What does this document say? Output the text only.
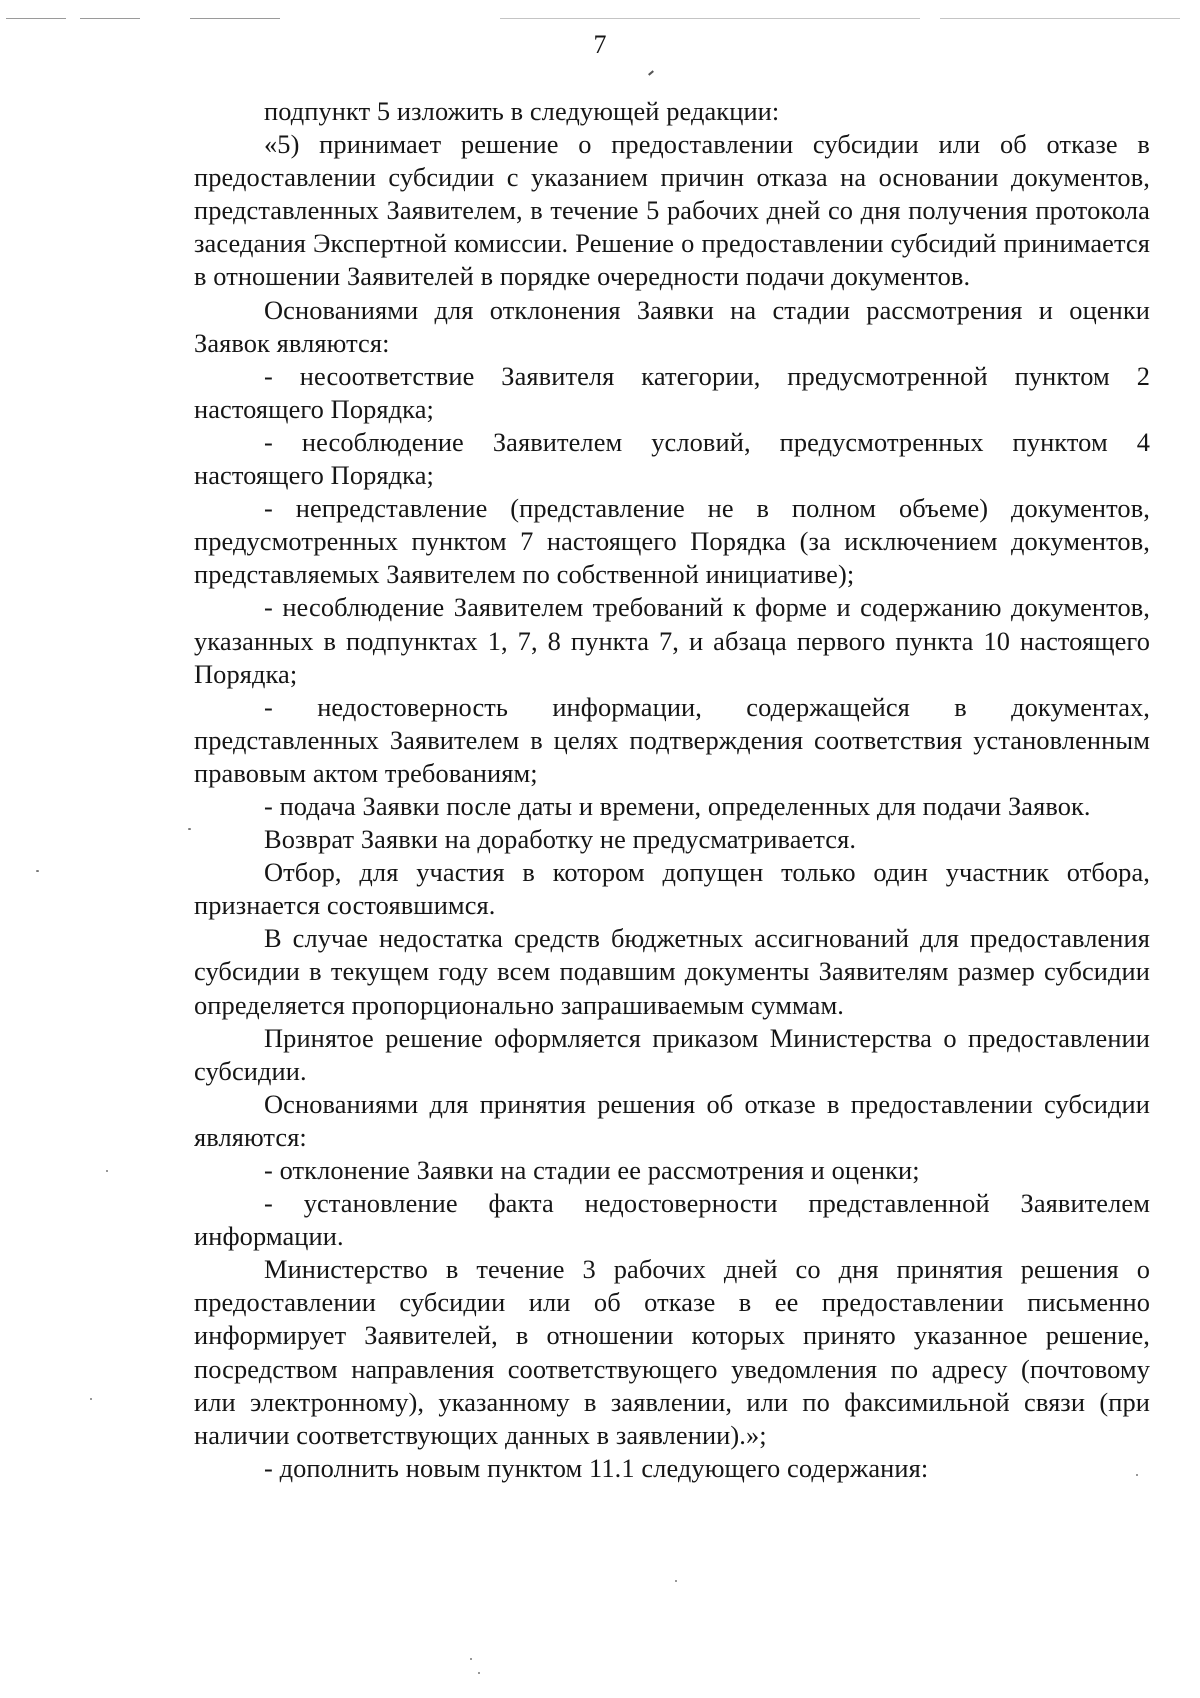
7

подпункт 5 изложить в следующей редакции:

«5) принимает решение о предоставлении субсидии или об отказе в предоставлении субсидии с указанием причин отказа на основании документов, представленных Заявителем, в течение 5 рабочих дней со дня получения протокола заседания Экспертной комиссии. Решение о предоставлении субсидий принимается в отношении Заявителей в порядке очередности подачи документов.

Основаниями для отклонения Заявки на стадии рассмотрения и оценки Заявок являются:

- несоответствие Заявителя категории, предусмотренной пунктом 2 настоящего Порядка;

- несоблюдение Заявителем условий, предусмотренных пунктом 4 настоящего Порядка;

- непредставление (представление не в полном объеме) документов, предусмотренных пунктом 7 настоящего Порядка (за исключением документов, представляемых Заявителем по собственной инициативе);

- несоблюдение Заявителем требований к форме и содержанию документов, указанных в подпунктах 1, 7, 8 пункта 7, и абзаца первого пункта 10 настоящего Порядка;

- недостоверность информации, содержащейся в документах, представленных Заявителем в целях подтверждения соответствия установленным правовым актом требованиям;

- подача Заявки после даты и времени, определенных для подачи Заявок.

Возврат Заявки на доработку не предусматривается.

Отбор, для участия в котором допущен только один участник отбора, признается состоявшимся.

В случае недостатка средств бюджетных ассигнований для предоставления субсидии в текущем году всем подавшим документы Заявителям размер субсидии определяется пропорционально запрашиваемым суммам.

Принятое решение оформляется приказом Министерства о предоставлении субсидии.

Основаниями для принятия решения об отказе в предоставлении субсидии являются:

- отклонение Заявки на стадии ее рассмотрения и оценки;

- установление факта недостоверности представленной Заявителем информации.

Министерство в течение 3 рабочих дней со дня принятия решения о предоставлении субсидии или об отказе в ее предоставлении письменно информирует Заявителей, в отношении которых принято указанное решение, посредством направления соответствующего уведомления по адресу (почтовому или электронному), указанному в заявлении, или по факсимильной связи (при наличии соответствующих данных в заявлении).»;

- дополнить новым пунктом 11.1 следующего содержания:
